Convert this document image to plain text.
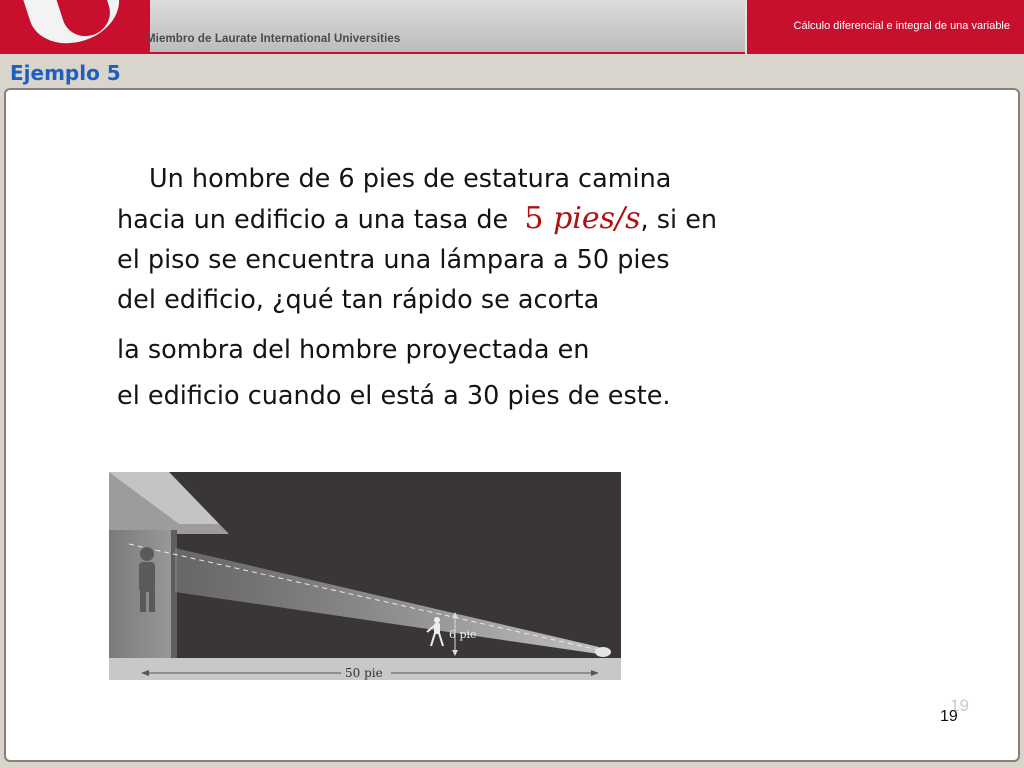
Miembro de Laurate International Universities
Cálculo diferencial e integral de una variable
Ejemplo 5
Un hombre de 6 pies de estatura camina
hacia un edificio a una tasa de 5 pies/s, si en
el piso se encuentra una lámpara a 50 pies
del edificio, ¿qué tan rápido se acorta
la sombra del hombre proyectada en
el edificio cuando el está a 30 pies de este.
6 pie
50 pie
19
19
